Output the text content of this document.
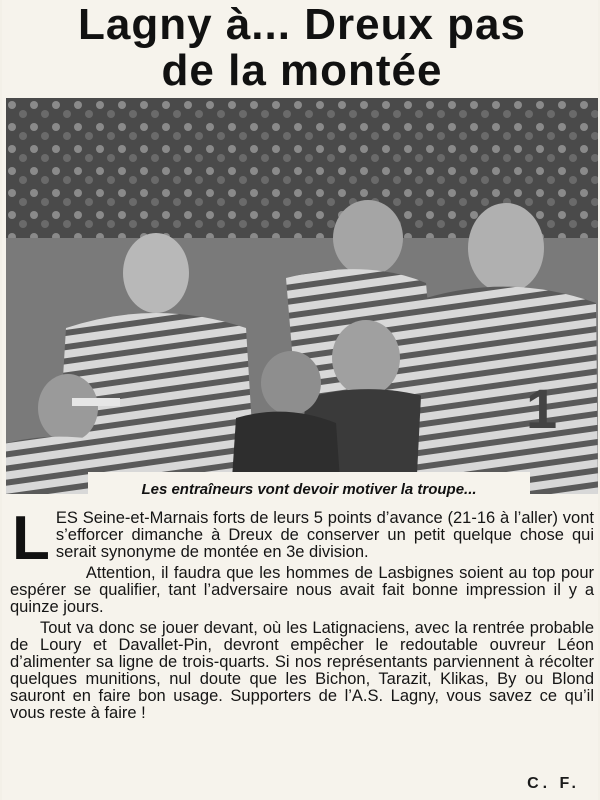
Lagny à... Dreux pas
de la montée
1
Les entraîneurs vont devoir motiver la troupe...

LES Seine-et-Marnais forts de leurs 5 points d’avance (21-16 à l’aller) vont s’efforcer dimanche à Dreux de conserver un petit quelque chose qui serait synonyme de montée en 3e division.

Attention, il faudra que les hommes de Lasbignes soient au top pour espérer se qualifier, tant l’adversaire nous avait fait bonne impression il y a quinze jours.

Tout va donc se jouer devant, où les Latignaciens, avec la rentrée probable de Loury et Davallet-Pin, devront empêcher le redoutable ouvreur Léon d’alimenter sa ligne de trois-quarts. Si nos représentants parviennent à récolter quelques munitions, nul doute que les Bichon, Tarazit, Klikas, By ou Blond sauront en faire bon usage. Supporters de l’A.S. Lagny, vous savez ce qu’il vous reste à faire !

C. F.
